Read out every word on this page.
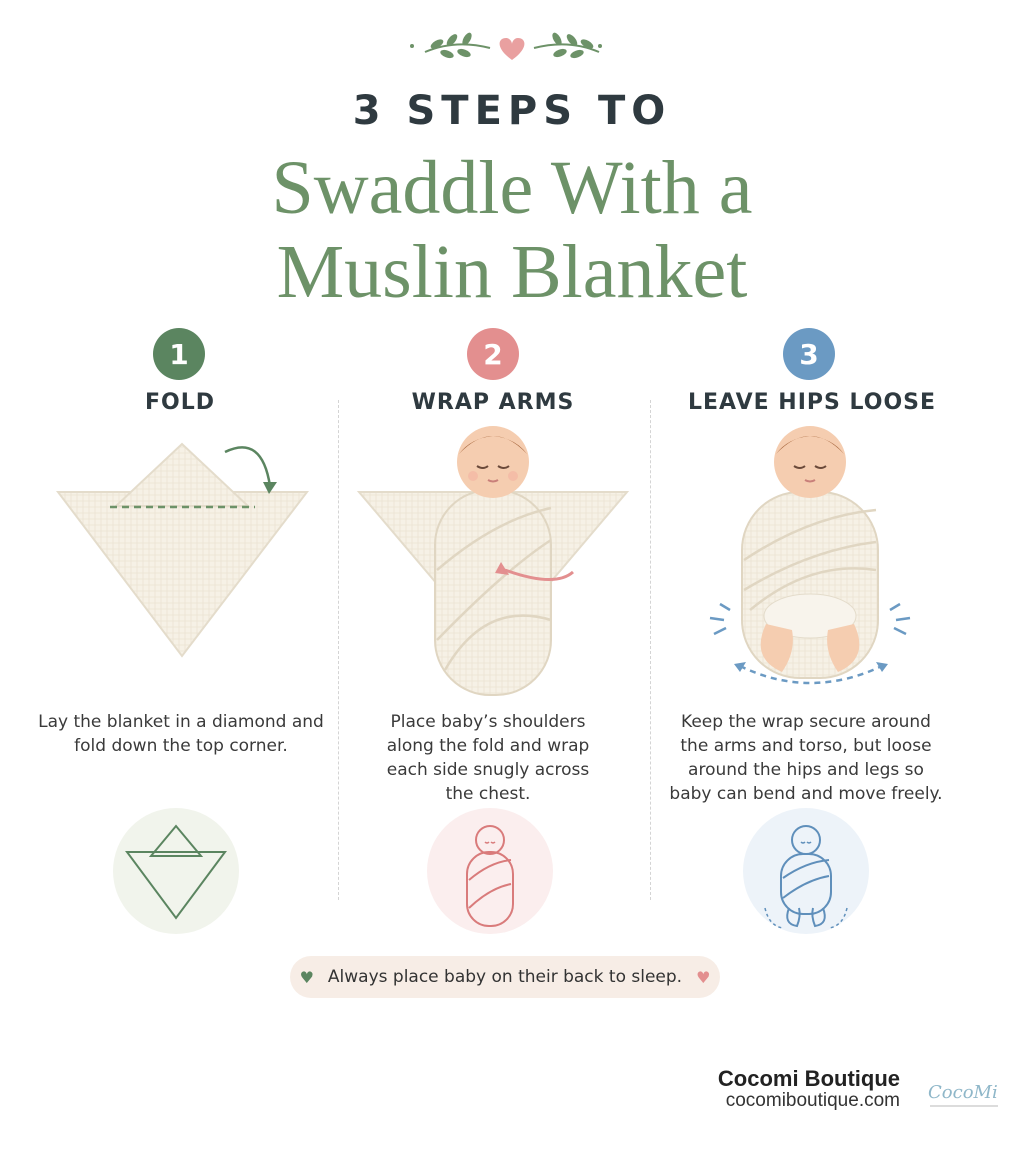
3 STEPS TO
Swaddle With a
Muslin Blanket
1	2	3
FOLD	WRAP ARMS	LEAVE HIPS LOOSE
Lay the blanket in a diamond and fold down the top corner.
Place baby’s shoulders along the fold and wrap each side snugly across the chest.
Keep the wrap secure around the arms and torso, but loose around the hips and legs so baby can bend and move freely.
♥ Always place baby on their back to sleep. ♥
Cocomi Boutique
cocomiboutique.com CocoMi
